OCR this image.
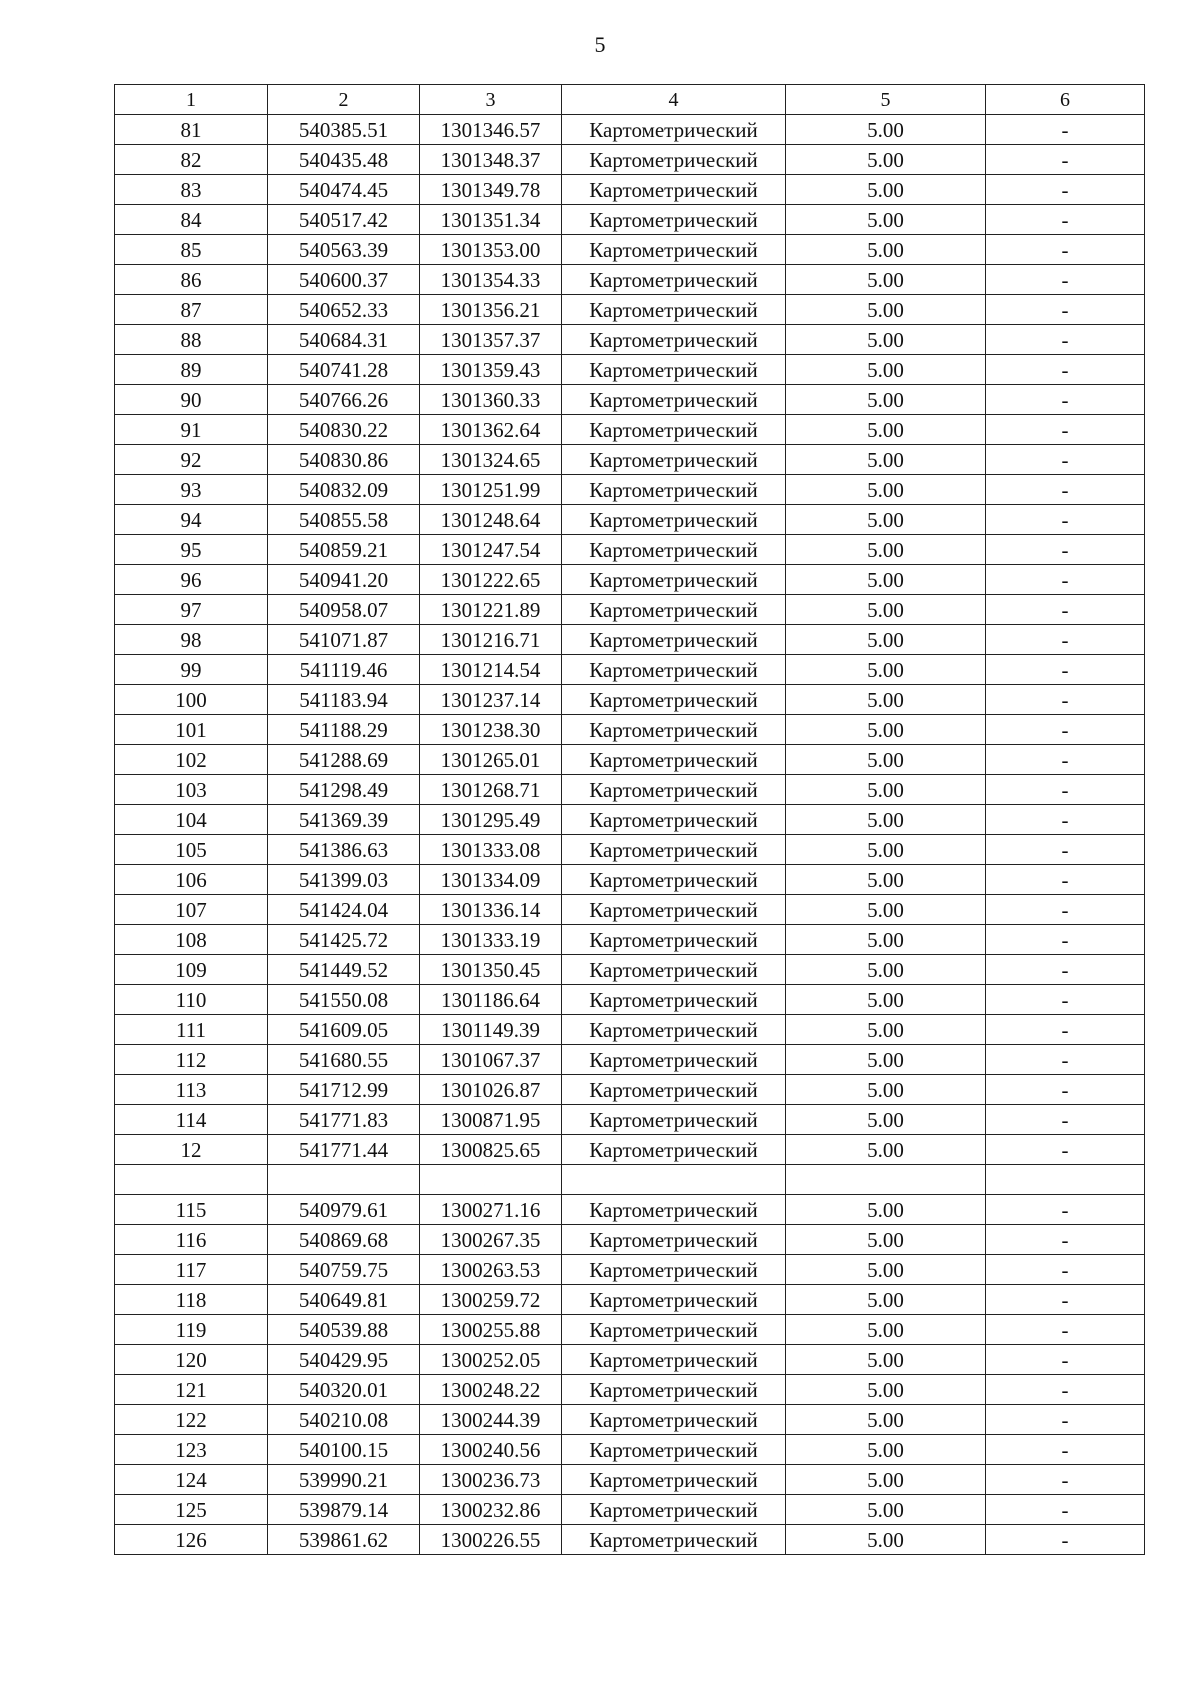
5
1	2	3	4	5	6
81	540385.51	1301346.57	Картометрический	5.00	-
82	540435.48	1301348.37	Картометрический	5.00	-
83	540474.45	1301349.78	Картометрический	5.00	-
84	540517.42	1301351.34	Картометрический	5.00	-
85	540563.39	1301353.00	Картометрический	5.00	-
86	540600.37	1301354.33	Картометрический	5.00	-
87	540652.33	1301356.21	Картометрический	5.00	-
88	540684.31	1301357.37	Картометрический	5.00	-
89	540741.28	1301359.43	Картометрический	5.00	-
90	540766.26	1301360.33	Картометрический	5.00	-
91	540830.22	1301362.64	Картометрический	5.00	-
92	540830.86	1301324.65	Картометрический	5.00	-
93	540832.09	1301251.99	Картометрический	5.00	-
94	540855.58	1301248.64	Картометрический	5.00	-
95	540859.21	1301247.54	Картометрический	5.00	-
96	540941.20	1301222.65	Картометрический	5.00	-
97	540958.07	1301221.89	Картометрический	5.00	-
98	541071.87	1301216.71	Картометрический	5.00	-
99	541119.46	1301214.54	Картометрический	5.00	-
100	541183.94	1301237.14	Картометрический	5.00	-
101	541188.29	1301238.30	Картометрический	5.00	-
102	541288.69	1301265.01	Картометрический	5.00	-
103	541298.49	1301268.71	Картометрический	5.00	-
104	541369.39	1301295.49	Картометрический	5.00	-
105	541386.63	1301333.08	Картометрический	5.00	-
106	541399.03	1301334.09	Картометрический	5.00	-
107	541424.04	1301336.14	Картометрический	5.00	-
108	541425.72	1301333.19	Картометрический	5.00	-
109	541449.52	1301350.45	Картометрический	5.00	-
110	541550.08	1301186.64	Картометрический	5.00	-
111	541609.05	1301149.39	Картометрический	5.00	-
112	541680.55	1301067.37	Картометрический	5.00	-
113	541712.99	1301026.87	Картометрический	5.00	-
114	541771.83	1300871.95	Картометрический	5.00	-
12	541771.44	1300825.65	Картометрический	5.00	-

115	540979.61	1300271.16	Картометрический	5.00	-
116	540869.68	1300267.35	Картометрический	5.00	-
117	540759.75	1300263.53	Картометрический	5.00	-
118	540649.81	1300259.72	Картометрический	5.00	-
119	540539.88	1300255.88	Картометрический	5.00	-
120	540429.95	1300252.05	Картометрический	5.00	-
121	540320.01	1300248.22	Картометрический	5.00	-
122	540210.08	1300244.39	Картометрический	5.00	-
123	540100.15	1300240.56	Картометрический	5.00	-
124	539990.21	1300236.73	Картометрический	5.00	-
125	539879.14	1300232.86	Картометрический	5.00	-
126	539861.62	1300226.55	Картометрический	5.00	-
